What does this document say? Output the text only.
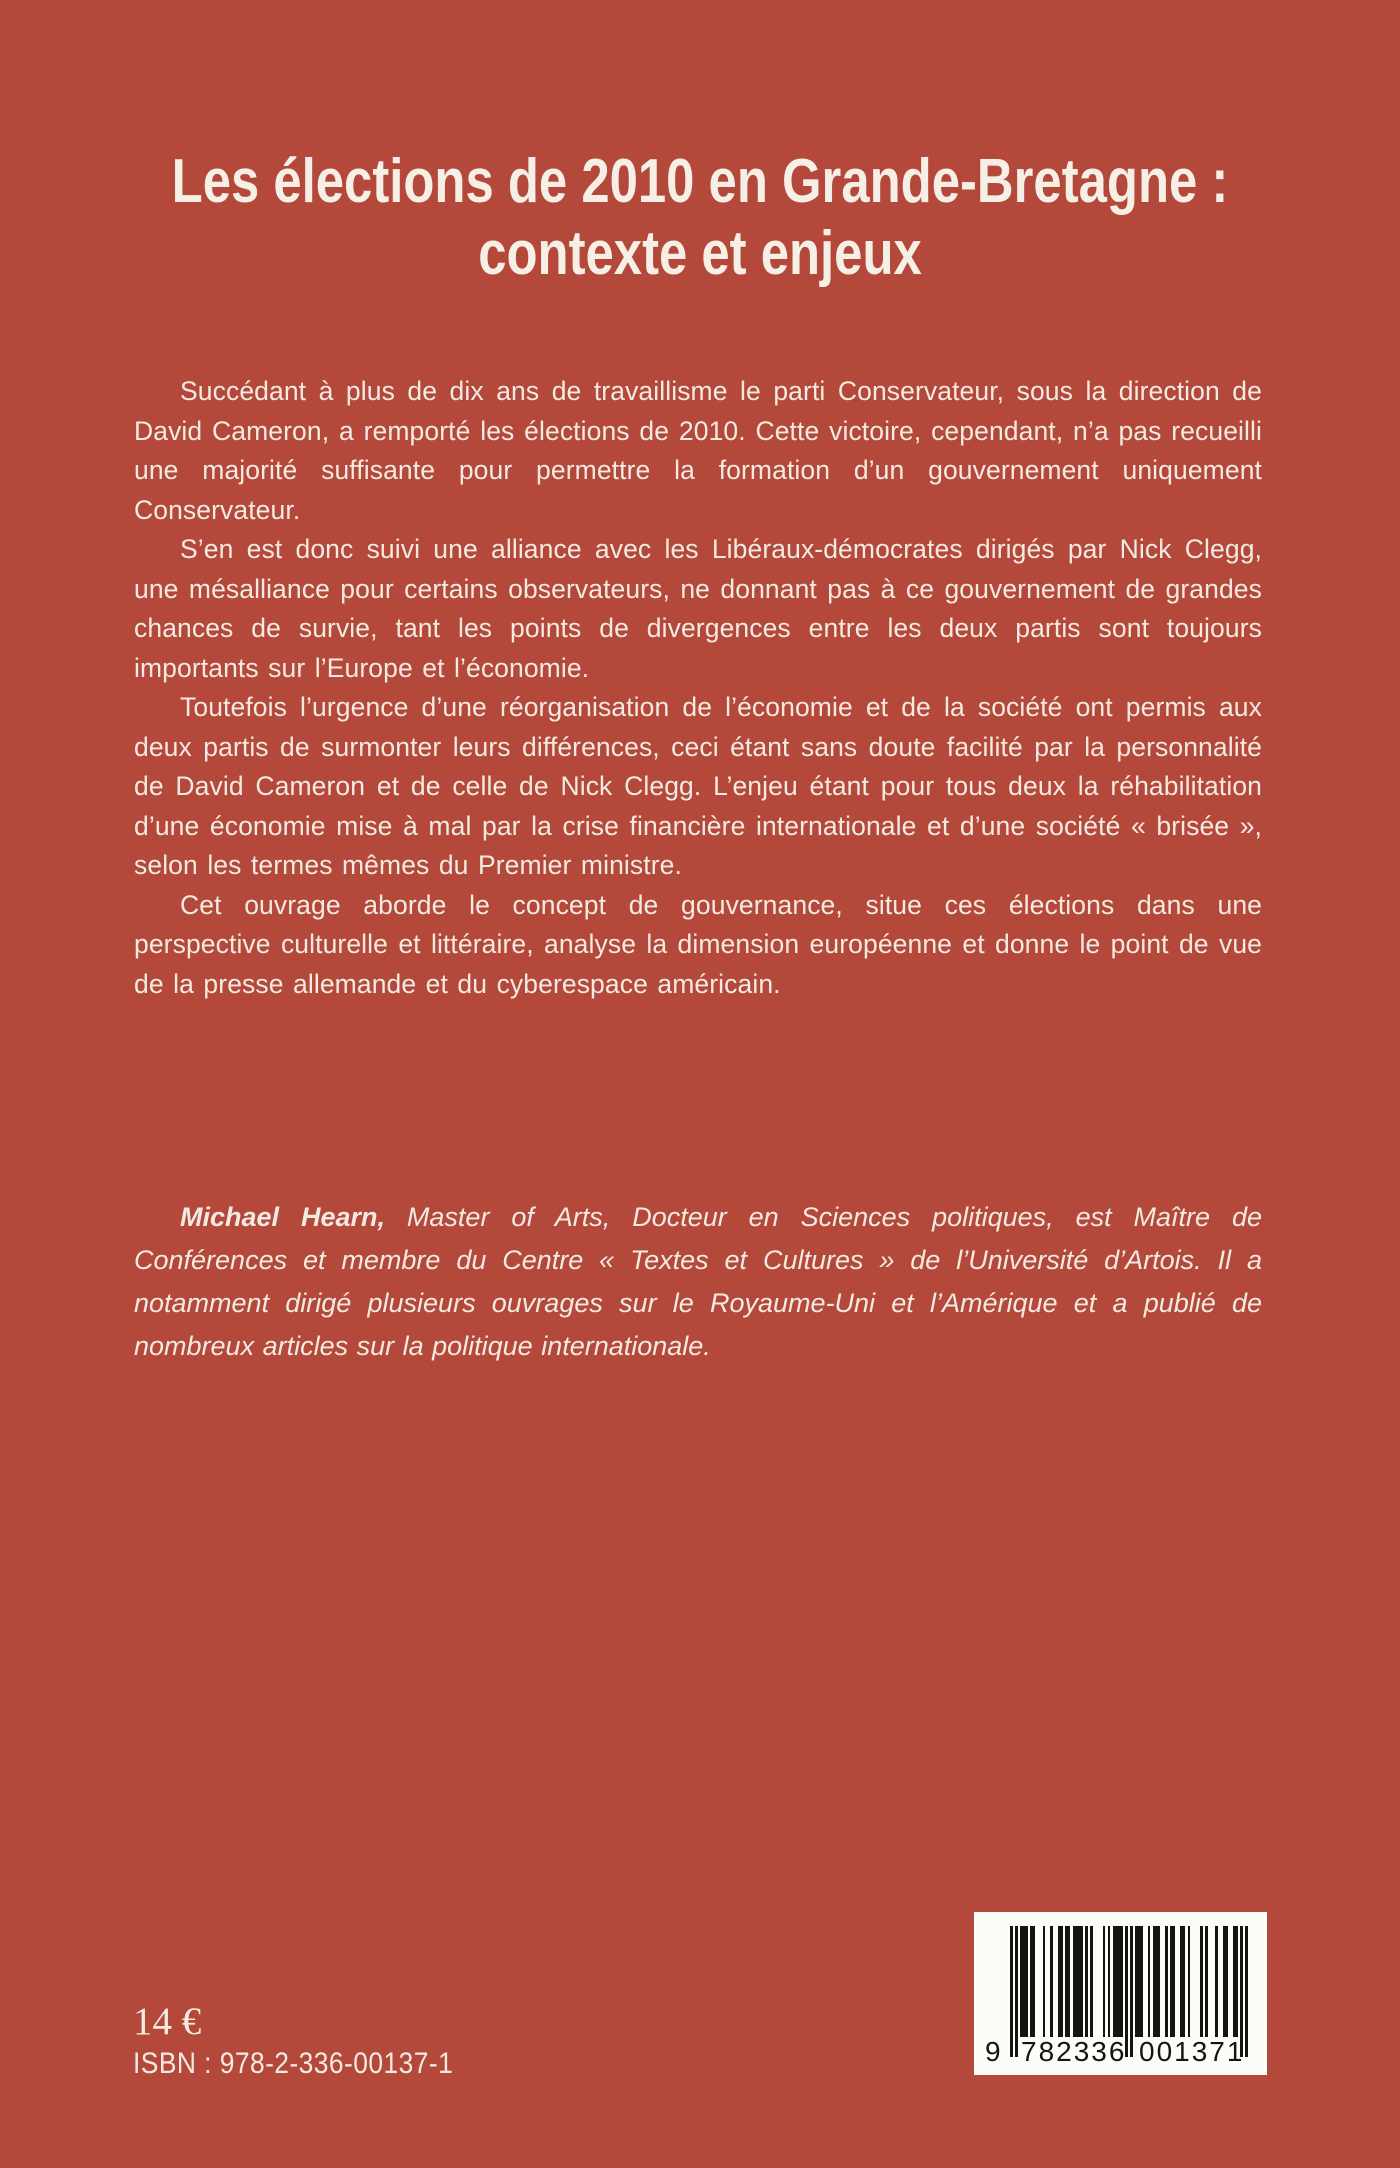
Les élections de 2010 en Grande-Bretagne :
contexte et enjeux

Succédant à plus de dix ans de travaillisme le parti Conservateur, sous la direction de David Cameron, a remporté les élections de 2010. Cette victoire, cependant, n’a pas recueilli une majorité suffisante pour permettre la formation d’un gouvernement uniquement Conservateur.

S’en est donc suivi une alliance avec les Libéraux-démocrates dirigés par Nick Clegg, une mésalliance pour certains observateurs, ne donnant pas à ce gouvernement de grandes chances de survie, tant les points de divergences entre les deux partis sont toujours importants sur l’Europe et l’économie.

Toutefois l’urgence d’une réorganisation de l’économie et de la société ont permis aux deux partis de surmonter leurs différences, ceci étant sans doute facilité par la personnalité de David Cameron et de celle de Nick Clegg. L’enjeu étant pour tous deux la réhabilitation d’une économie mise à mal par la crise financière internationale et d’une société « brisée », selon les termes mêmes du Premier ministre.

Cet ouvrage aborde le concept de gouvernance, situe ces élections dans une perspective culturelle et littéraire, analyse la dimension européenne et donne le point de vue de la presse allemande et du cyberespace américain.

Michael Hearn, Master of Arts, Docteur en Sciences politiques, est Maître de Conférences et membre du Centre « Textes et Cultures » de l’Université d’Artois. Il a notamment dirigé plusieurs ouvrages sur le Royaume-Uni et l’Amérique et a publié de nombreux articles sur la politique internationale.

14 €
ISBN : 978-2-336-00137-1	9 782336 001371
